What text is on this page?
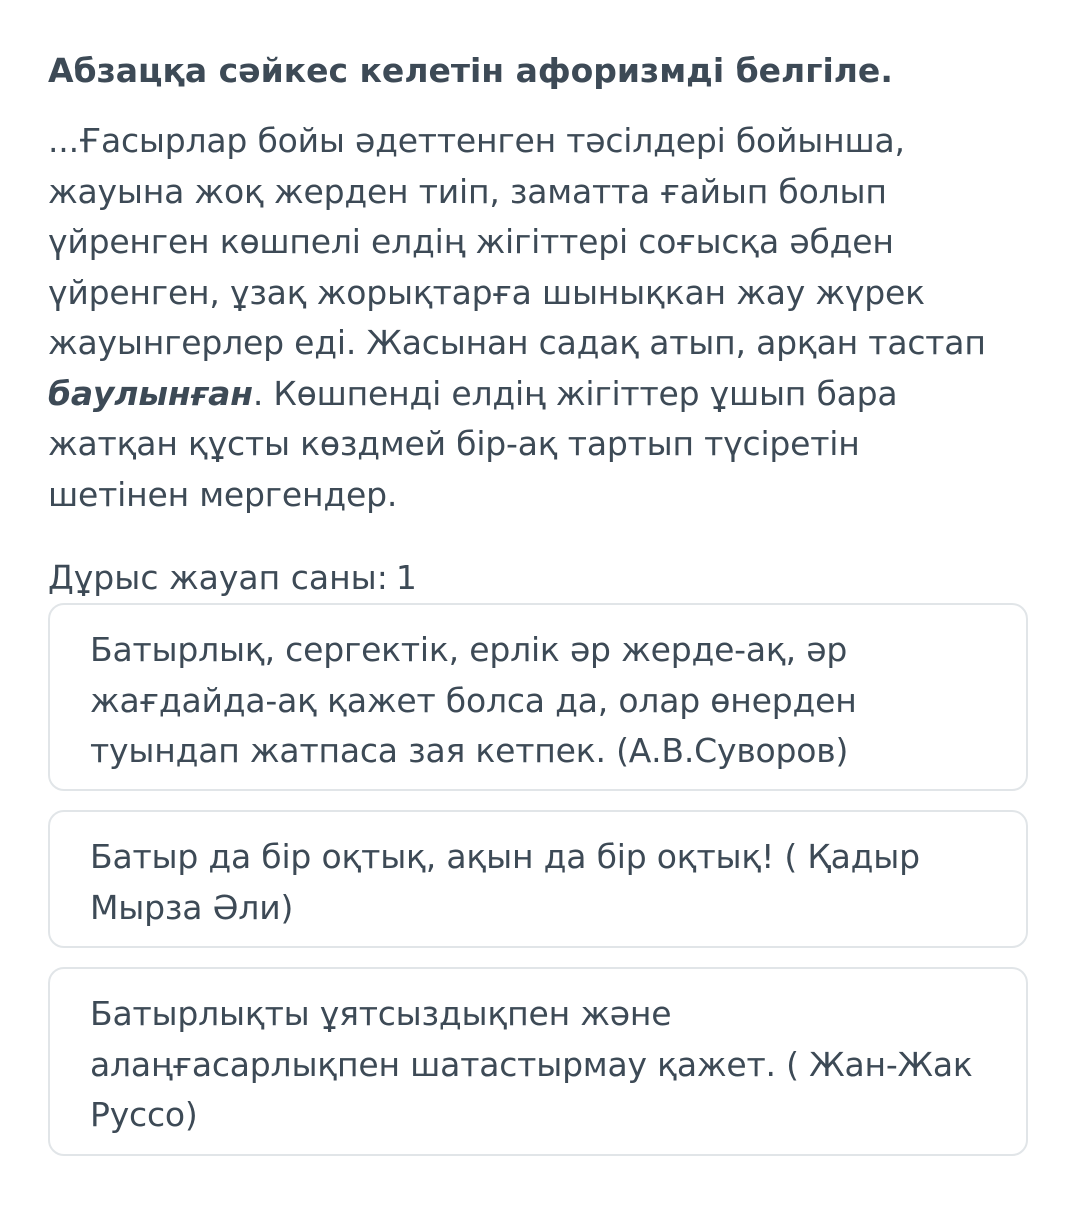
Абзацқа сәйкес келетін афоризмді белгіле.
...Ғасырлар бойы әдеттенген тәсілдері бойынша,
жауына жоқ жерден тиіп, заматта ғайып болып
үйренген көшпелі елдің жігіттері соғысқа әбден
үйренген, ұзақ жорықтарға шынықкан жау жүрек
жауынгерлер еді. Жасынан садақ атып, арқан тастап
баулынған. Көшпенді елдің жігіттер ұшып бара
жатқан құсты көздмей бір-ақ тартып түсіретін
шетінен мергендер.
Дұрыс жауап саны: 1
Батырлық, сергектік, ерлік әр жерде-ақ, әр
жағдайда-ақ қажет болса да, олар өнерден
туындап жатпаса зая кетпек. (А.В.Суворов)
Батыр да бір оқтық, ақын да бір оқтық! ( Қадыр
Мырза Әли)
Батырлықты ұятсыздықпен және
алаңғасарлықпен шатастырмау қажет. ( Жан-Жак
Руссо)
